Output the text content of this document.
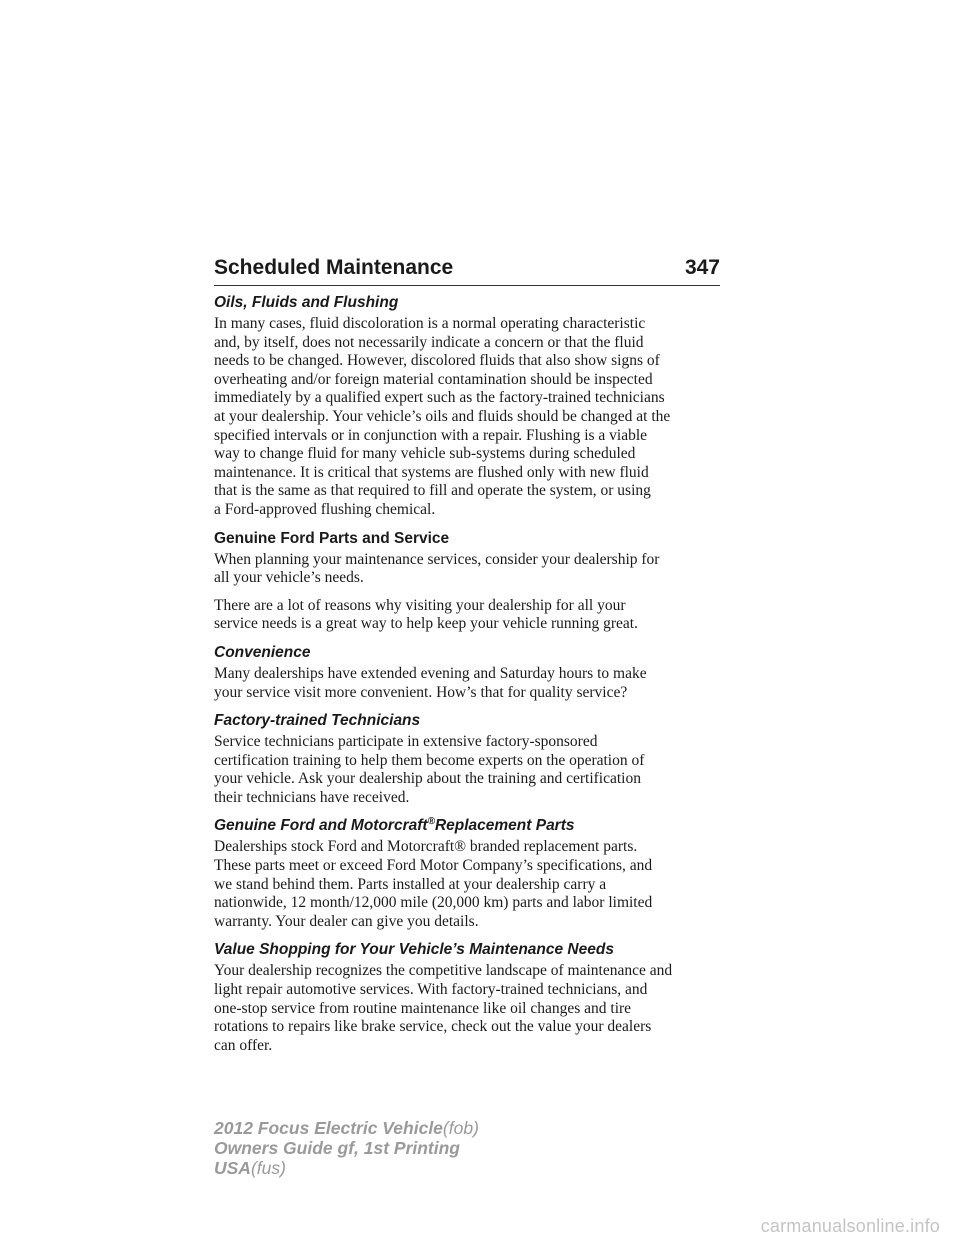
Scheduled Maintenance	347
Oils, Fluids and Flushing

In many cases, fluid discoloration is a normal operating characteristic
and, by itself, does not necessarily indicate a concern or that the fluid
needs to be changed. However, discolored fluids that also show signs of
overheating and/or foreign material contamination should be inspected
immediately by a qualified expert such as the factory-trained technicians
at your dealership. Your vehicle’s oils and fluids should be changed at the
specified intervals or in conjunction with a repair. Flushing is a viable
way to change fluid for many vehicle sub-systems during scheduled
maintenance. It is critical that systems are flushed only with new fluid
that is the same as that required to fill and operate the system, or using
a Ford-approved flushing chemical.

Genuine Ford Parts and Service

When planning your maintenance services, consider your dealership for
all your vehicle’s needs.

There are a lot of reasons why visiting your dealership for all your
service needs is a great way to help keep your vehicle running great.

Convenience

Many dealerships have extended evening and Saturday hours to make
your service visit more convenient. How’s that for quality service?

Factory-trained Technicians

Service technicians participate in extensive factory-sponsored
certification training to help them become experts on the operation of
your vehicle. Ask your dealership about the training and certification
their technicians have received.

Genuine Ford and Motorcraft®Replacement Parts

Dealerships stock Ford and Motorcraft® branded replacement parts.
These parts meet or exceed Ford Motor Company’s specifications, and
we stand behind them. Parts installed at your dealership carry a
nationwide, 12 month/12,000 mile (20,000 km) parts and labor limited
warranty. Your dealer can give you details.

Value Shopping for Your Vehicle’s Maintenance Needs

Your dealership recognizes the competitive landscape of maintenance and
light repair automotive services. With factory-trained technicians, and
one-stop service from routine maintenance like oil changes and tire
rotations to repairs like brake service, check out the value your dealers
can offer.

2012 Focus Electric Vehicle(fob)
Owners Guide gf, 1st Printing
USA(fus)
carmanualsonline.info
